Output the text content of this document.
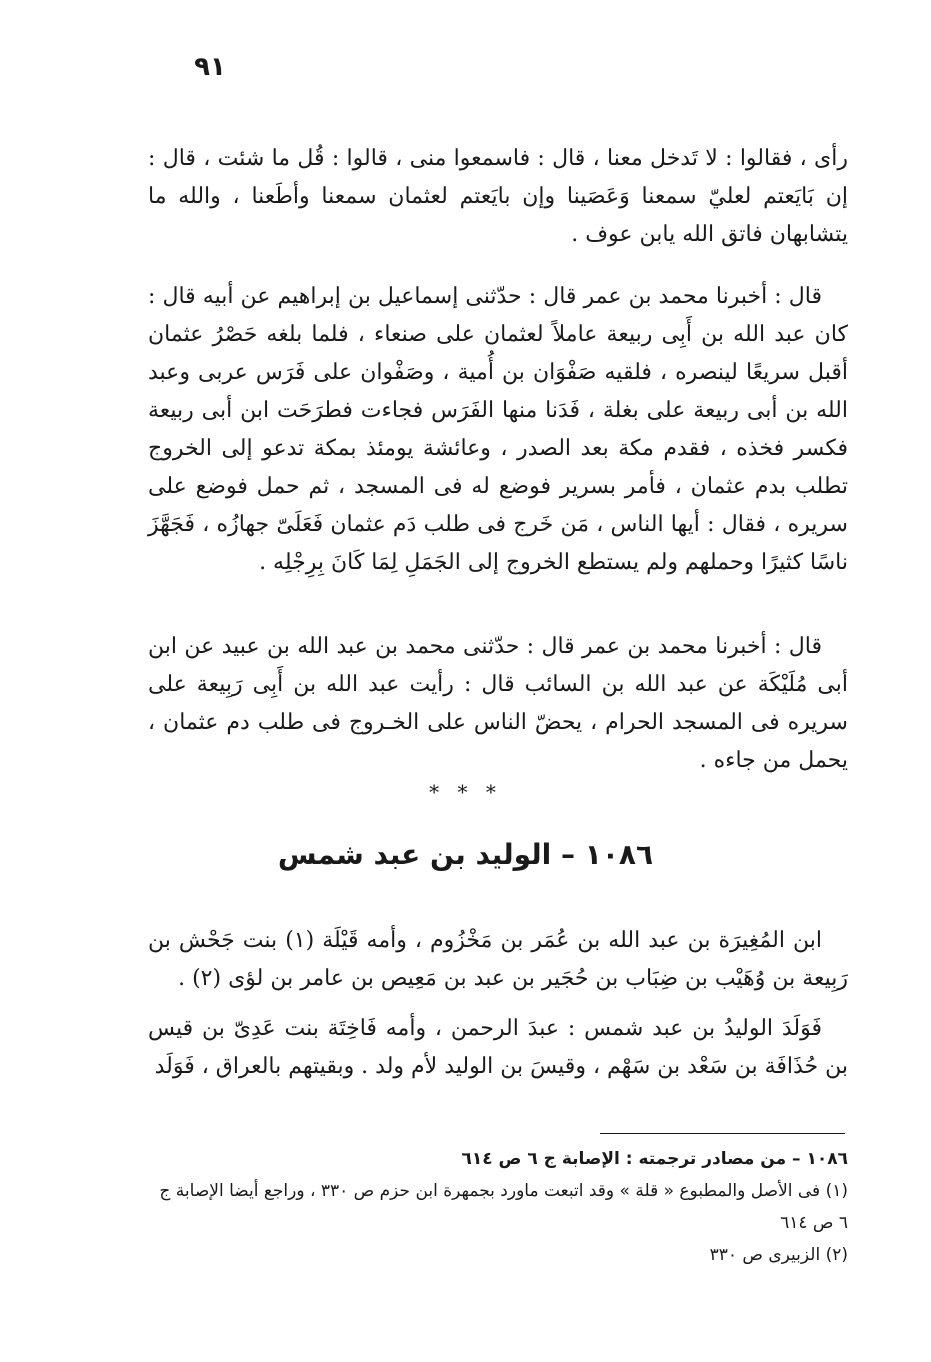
٩١

رأى ، فقالوا : لا تَدخل معنا ، قال : فاسمعوا منى ، قالوا : قُل ما شئت ، قال : إن بَايَعتم لعليّ سمعنا وَعَصَينا وإن بايَعتم لعثمان سمعنا وأطَعنا ، والله ما يتشابهان فاتق الله يابن عوف .

قال : أخبرنا محمد بن عمر قال : حدّثنى إسماعيل بن إبراهيم عن أبيه قال : كان عبد الله بن أَبِى ربيعة عاملاً لعثمان على صنعاء ، فلما بلغه حَصْرُ عثمان أقبل سريعًا لينصره ، فلقيه صَفْوَان بن أُمية ، وصَفْوان على فَرَس عربى وعبد الله بن أبى ربيعة على بغلة ، فَدَنا منها الفَرَس فجاءت فطرَحَت ابن أبى ربيعة فكسر فخذه ، فقدم مكة بعد الصدر ، وعائشة يومئذ بمكة تدعو إلى الخروج تطلب بدم عثمان ، فأمر بسرير فوضع له فى المسجد ، ثم حمل فوضع على سريره ، فقال : أيها الناس ، مَن خَرج فى طلب دَم عثمان فَعَلَىّ جهازُه ، فَجَهَّزَ ناسًا كثيرًا وحملهم ولم يستطع الخروج إلى الجَمَلِ لِمَا كَانَ بِرِجْلِه .

قال : أخبرنا محمد بن عمر قال : حدّثنى محمد بن عبد الله بن عبيد عن ابن أبى مُلَيْكَة عن عبد الله بن السائب قال : رأيت عبد الله بن أَبِى رَبِيعة على سريره فى المسجد الحرام ، يحضّ الناس على الخـروج فى طلب دم عثمان ، يحمل من جاءه .

* * *
١٠٨٦ – الوليد بن عبد شمس

ابن المُغِيرَة بن عبد الله بن عُمَر بن مَخْزُوم ، وأمه قَيْلَة (١) بنت جَحْش بن رَبِيعة بن وُهَيْب بن ضِبَاب بن حُجَير بن عبد بن مَعِيص بن عامر بن لؤى (٢) .

فَوَلَدَ الوليدُ بن عبد شمس : عبدَ الرحمن ، وأمه فَاخِتَة بنت عَدِىّ بن قيس بن حُذَافَة بن سَعْد بن سَهْم ، وقيسَ بن الوليد لأم ولد . وبقيتهم بالعراق ، فَوَلَد

١٠٨٦ – من مصادر ترجمته : الإصابة ج ٦ ص ٦١٤

(١) فى الأصل والمطبوع « قلة » وقد اتبعت ماورد بجمهرة ابن حزم ص ٣٣٠ ، وراجع أيضا الإصابة ج ٦ ص ٦١٤

(٢) الزبيرى ص ٣٣٠
